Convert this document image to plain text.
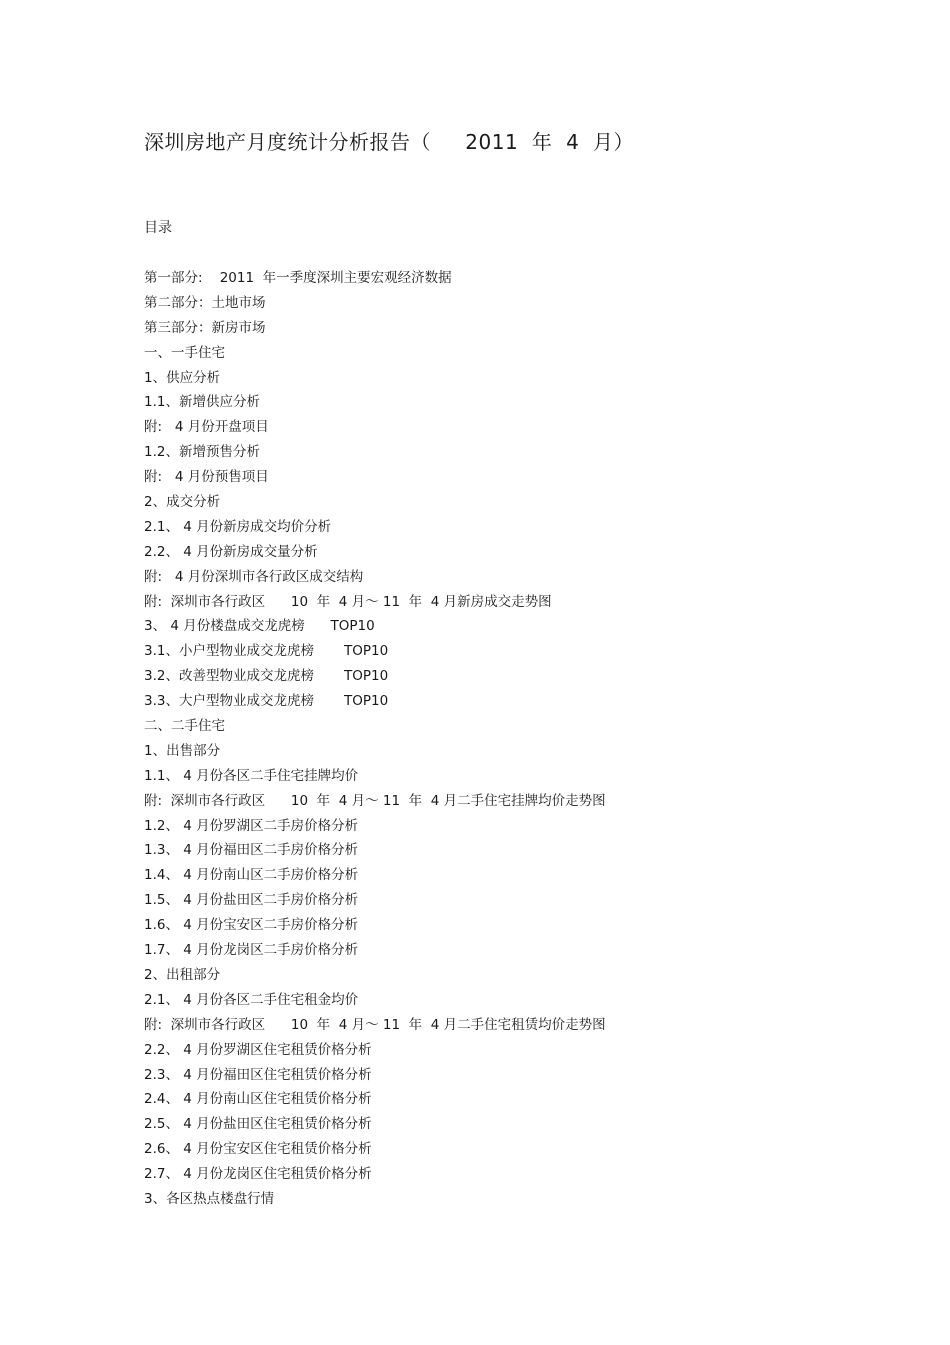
深圳房地产月度统计分析报告（     2011  年  4  月）
目录
第一部分:    2011  年一季度深圳主要宏观经济数据
第二部分：土地市场
第三部分：新房市场
一、一手住宅
1、供应分析
1.1、新增供应分析
附:   4 月份开盘项目
1.2、新增预售分析
附:   4 月份预售项目
2、成交分析
2.1、 4 月份新房成交均价分析
2.2、 4 月份新房成交量分析
附:   4 月份深圳市各行政区成交结构
附:  深圳市各行政区      10  年  4 月～ 11  年  4 月新房成交走势图
3、 4 月份楼盘成交龙虎榜      TOP10
3.1、小户型物业成交龙虎榜       TOP10
3.2、改善型物业成交龙虎榜       TOP10
3.3、大户型物业成交龙虎榜       TOP10
二、二手住宅
1、出售部分
1.1、 4 月份各区二手住宅挂牌均价
附:  深圳市各行政区      10  年  4 月～ 11  年  4 月二手住宅挂牌均价走势图
1.2、 4 月份罗湖区二手房价格分析
1.3、 4 月份福田区二手房价格分析
1.4、 4 月份南山区二手房价格分析
1.5、 4 月份盐田区二手房价格分析
1.6、 4 月份宝安区二手房价格分析
1.7、 4 月份龙岗区二手房价格分析
2、出租部分
2.1、 4 月份各区二手住宅租金均价
附:  深圳市各行政区      10  年  4 月～ 11  年  4 月二手住宅租赁均价走势图
2.2、 4 月份罗湖区住宅租赁价格分析
2.3、 4 月份福田区住宅租赁价格分析
2.4、 4 月份南山区住宅租赁价格分析
2.5、 4 月份盐田区住宅租赁价格分析
2.6、 4 月份宝安区住宅租赁价格分析
2.7、 4 月份龙岗区住宅租赁价格分析
3、各区热点楼盘行情
